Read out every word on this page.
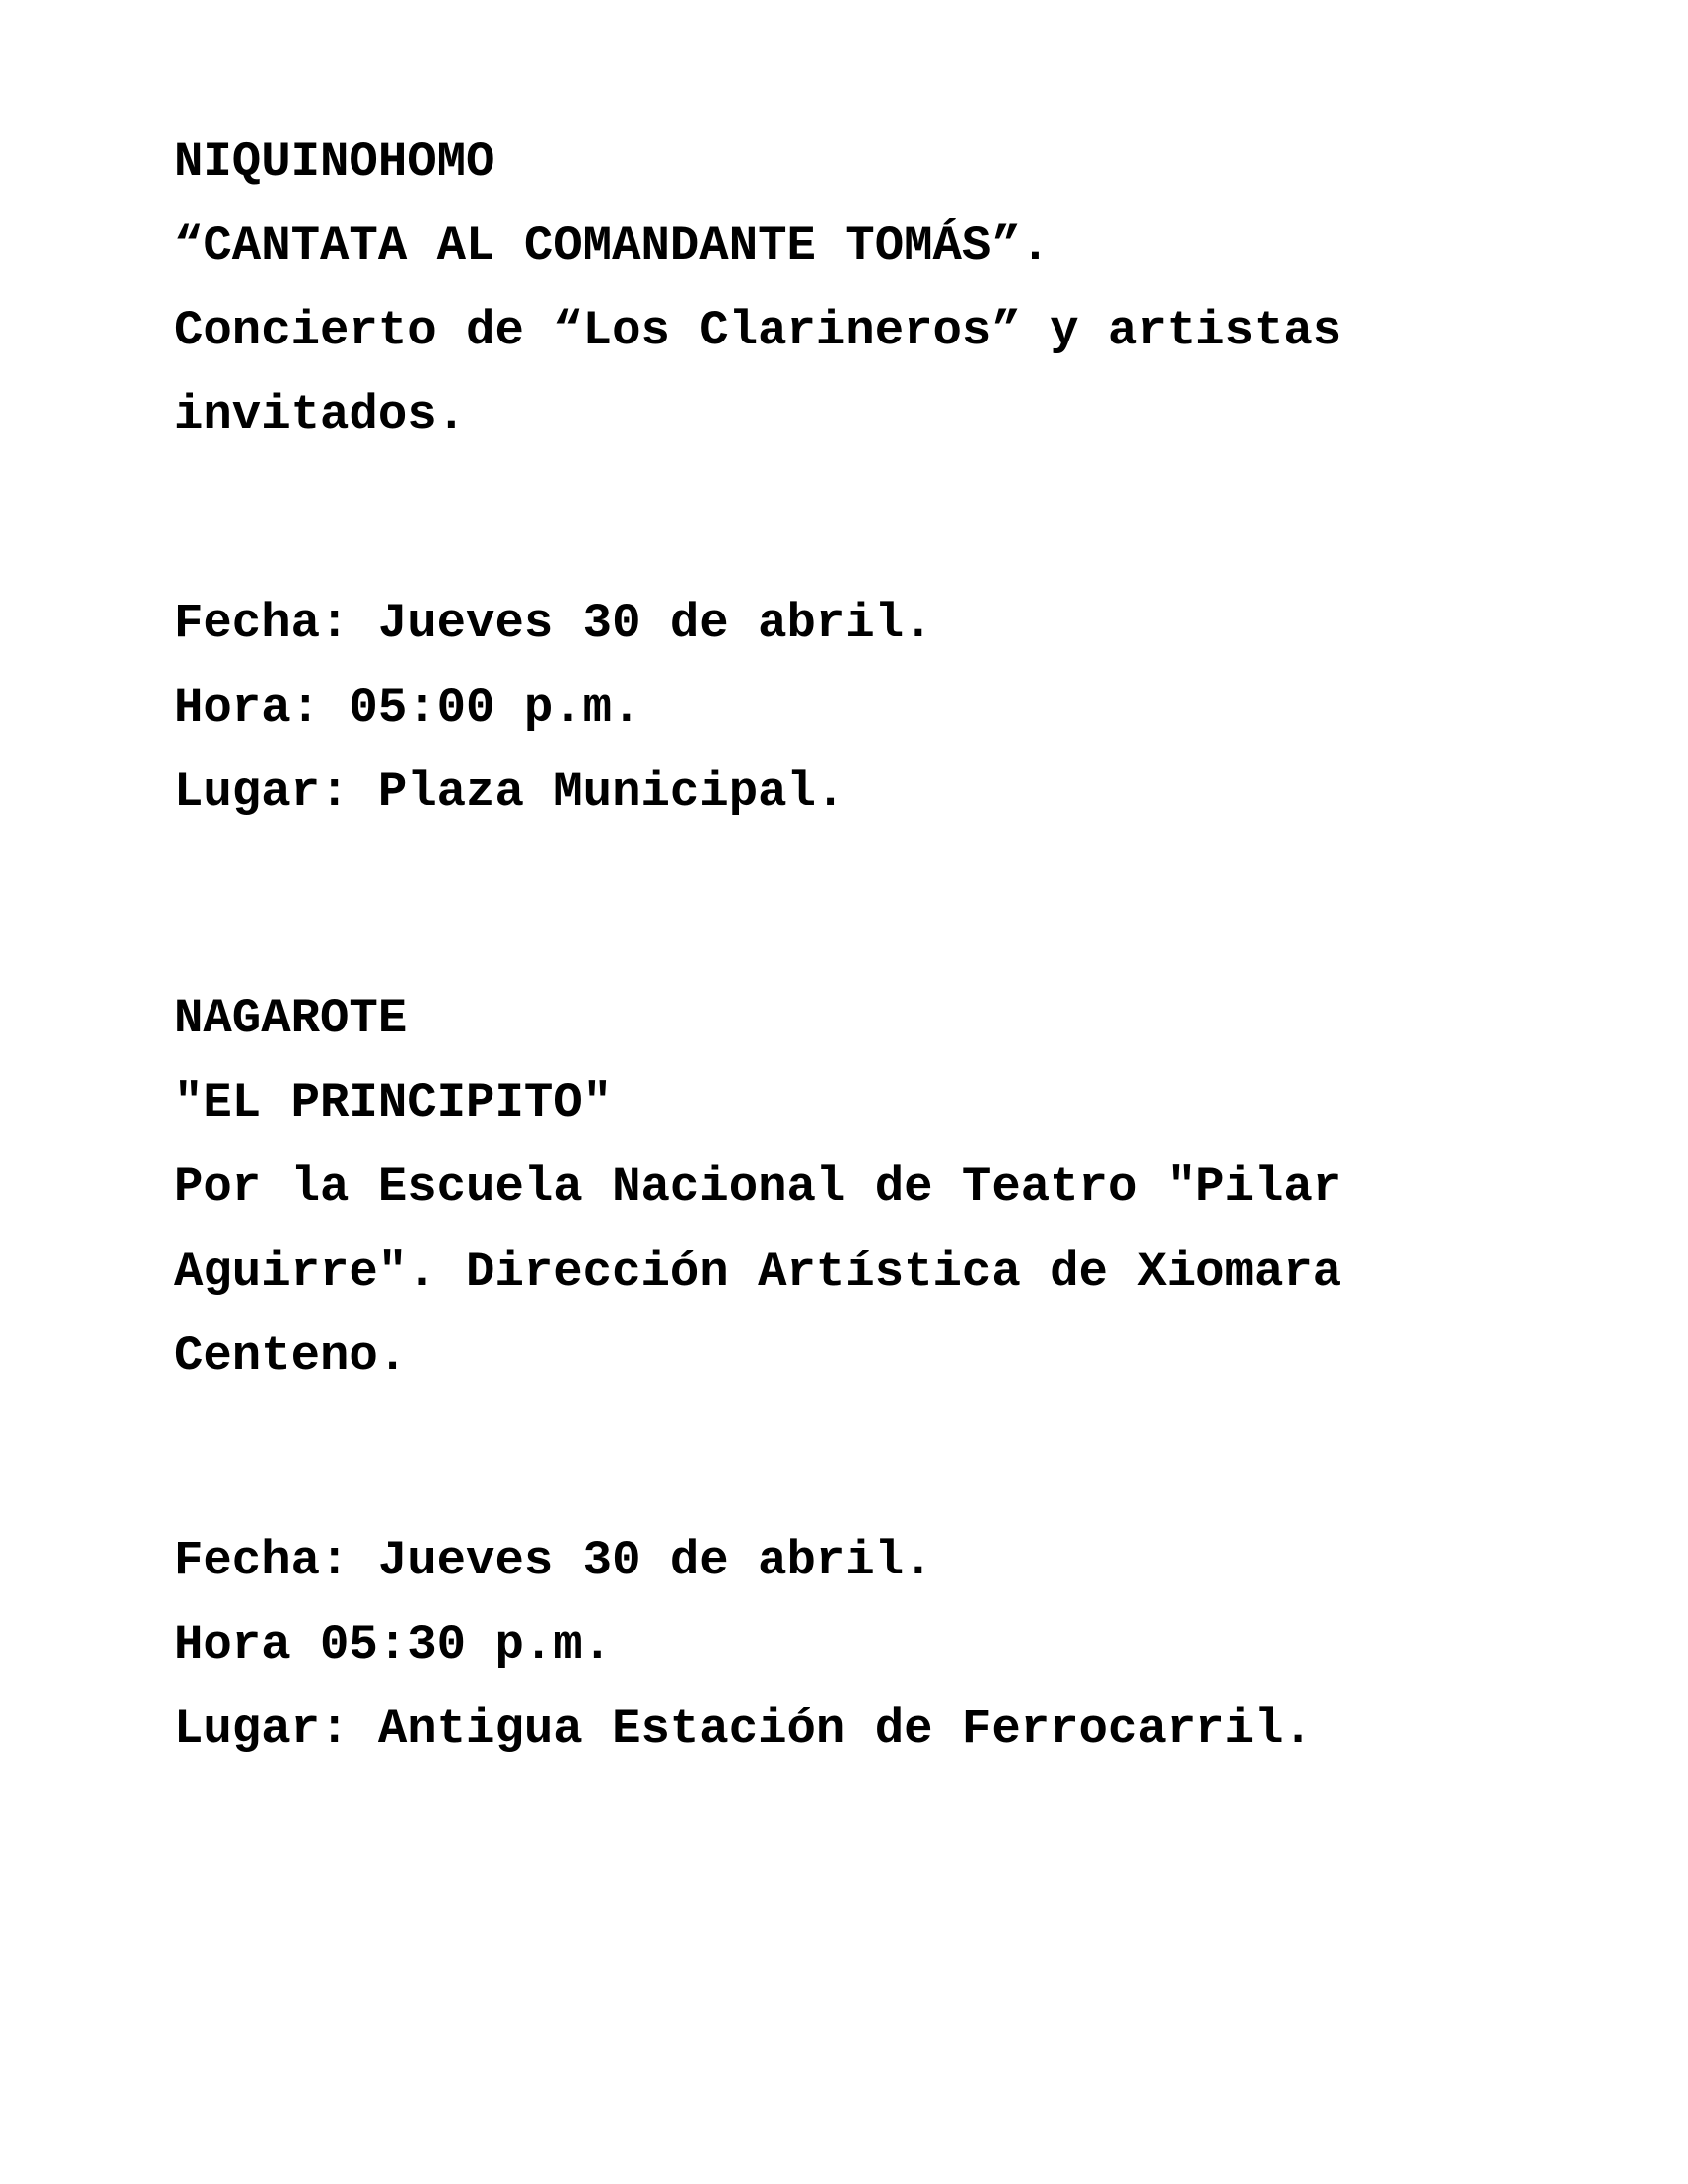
NIQUINOHOMO
“CANTATA AL COMANDANTE TOMÁS”.
Concierto de “Los Clarineros” y artistas
invitados.
Fecha: Jueves 30 de abril.
Hora: 05:00 p.m.
Lugar: Plaza Municipal.
NAGAROTE
"EL PRINCIPITO"
Por la Escuela Nacional de Teatro "Pilar
Aguirre". Dirección Artística de Xiomara
Centeno.
Fecha: Jueves 30 de abril.
Hora 05:30 p.m.
Lugar: Antigua Estación de Ferrocarril.
